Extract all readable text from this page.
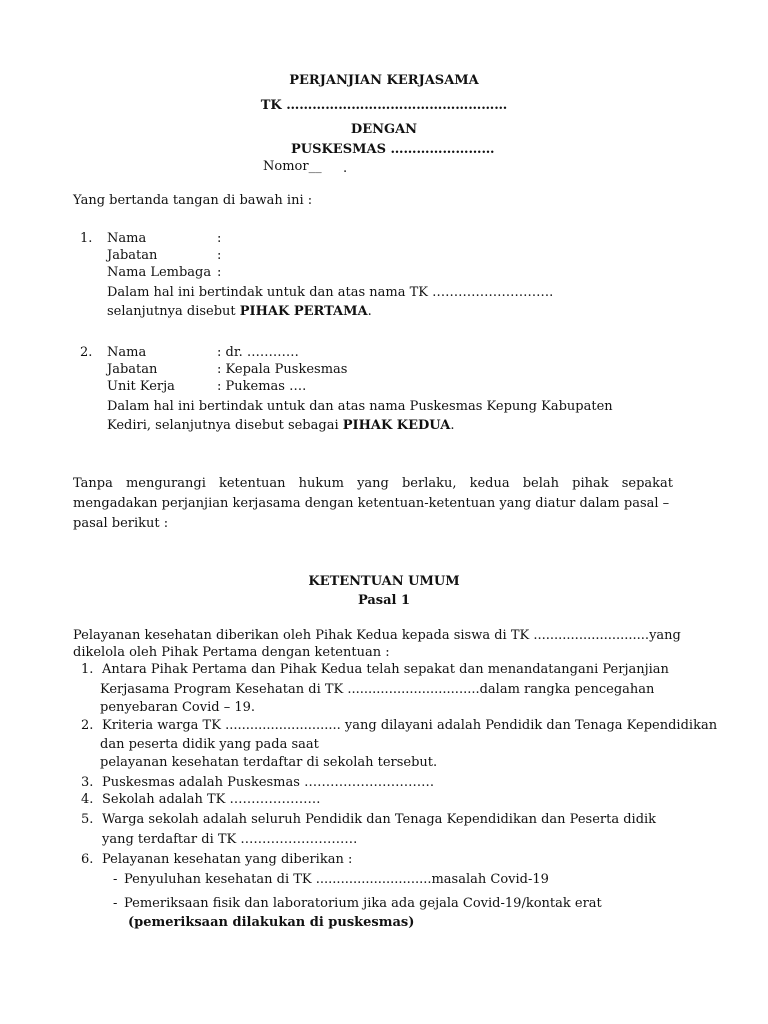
PERJANJIAN KERJASAMA
TK ……………………………………………
DENGAN
PUSKESMAS ……………………
Nomor__ .
Yang bertanda tangan di bawah ini :
1. Nama	:
Jabatan	:
Nama Lembaga :
Dalam hal ini bertindak untuk dan atas nama TK ……………………….
selanjutnya disebut PIHAK PERTAMA.
2. Nama	: dr. …………
Jabatan	: Kepala Puskesmas
Unit Kerja	: Pukemas ….
Dalam hal ini bertindak untuk dan atas nama Puskesmas Kepung Kabupaten
Kediri, selanjutnya disebut sebagai PIHAK KEDUA.
Tanpa mengurangi ketentuan hukum yang berlaku, kedua belah pihak sepakat
mengadakan perjanjian kerjasama dengan ketentuan-ketentuan yang diatur dalam pasal –
pasal berikut :
KETENTUAN UMUM
Pasal 1
Pelayanan kesehatan diberikan oleh Pihak Kedua kepada siswa di TK ............................yang
dikelola oleh Pihak Pertama dengan ketentuan :
1. Antara Pihak Pertama dan Pihak Kedua telah sepakat dan menandatangani Perjanjian
Kerjasama Program Kesehatan di TK ................................dalam rangka pencegahan
penyebaran Covid – 19.
2. Kriteria warga TK ............................ yang dilayani adalah Pendidik dan Tenaga Kependidikan
dan peserta didik yang pada saat
pelayanan kesehatan terdaftar di sekolah tersebut.
3. Puskesmas adalah Puskesmas …………………………
4. Sekolah adalah TK …………………
5. Warga sekolah adalah seluruh Pendidik dan Tenaga Kependidikan dan Peserta didik
yang terdaftar di TK ………………………
6. Pelayanan kesehatan yang diberikan :
- Penyuluhan kesehatan di TK ............................masalah Covid-19
- Pemeriksaan fisik dan laboratorium jika ada gejala Covid-19/kontak erat
(pemeriksaan dilakukan di puskesmas)
